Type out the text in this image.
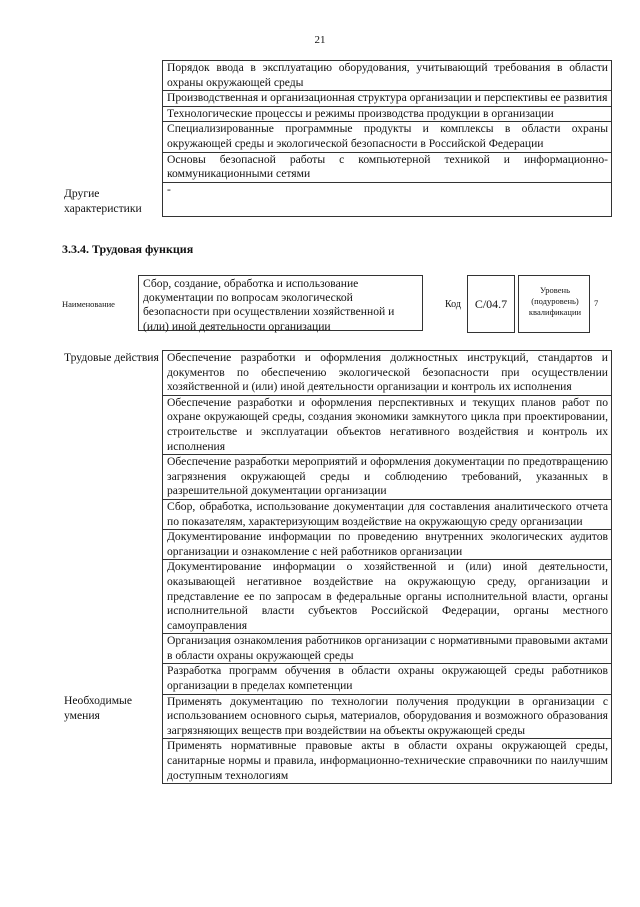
21
	Порядок ввода в эксплуатацию оборудования, учитывающий требования в области охраны окружающей среды
	Производственная и организационная структура организации и перспективы ее развития
	Технологические процессы и режимы производства продукции в организации
	Специализированные программные продукты и комплексы в области охраны окружающей среды и экологической безопасности в Российской Федерации
	Основы безопасной работы с компьютерной техникой и информационно-коммуникационными сетями
Другие характеристики	-
3.3.4. Трудовая функция
Наименование
Сбор, создание, обработка и использование документации по вопросам экологической безопасности при осуществлении хозяйственной и (или) иной деятельности организации
Код	C/04.7
Уровень (подуровень) квалификации
7
Трудовые действия	Обеспечение разработки и оформления должностных инструкций, стандартов и документов по обеспечению экологической безопасности при осуществлении хозяйственной и (или) иной деятельности организации и контроль их исполнения
	Обеспечение разработки и оформления перспективных и текущих планов работ по охране окружающей среды, создания экономики замкнутого цикла при проектировании, строительстве и эксплуатации объектов негативного воздействия и контроль их исполнения
	Обеспечение разработки мероприятий и оформления документации по предотвращению загрязнения окружающей среды и соблюдению требований, указанных в разрешительной документации организации
	Сбор, обработка, использование документации для составления аналитического отчета по показателям, характеризующим воздействие на окружающую среду организации
	Документирование информации по проведению внутренних экологических аудитов организации и ознакомление с ней работников организации
	Документирование информации о хозяйственной и (или) иной деятельности, оказывающей негативное воздействие на окружающую среду, организации и представление ее по запросам в федеральные органы исполнительной власти, органы исполнительной власти субъектов Российской Федерации, органы местного самоуправления
	Организация ознакомления работников организации с нормативными правовыми актами в области охраны окружающей среды
	Разработка программ обучения в области охраны окружающей среды работников организации в пределах компетенции
Необходимые умения	Применять документацию по технологии получения продукции в организации с использованием основного сырья, материалов, оборудования и возможного образования загрязняющих веществ при воздействии на объекты окружающей среды
	Применять нормативные правовые акты в области охраны окружающей среды, санитарные нормы и правила, информационно-технические справочники по наилучшим доступным технологиям
